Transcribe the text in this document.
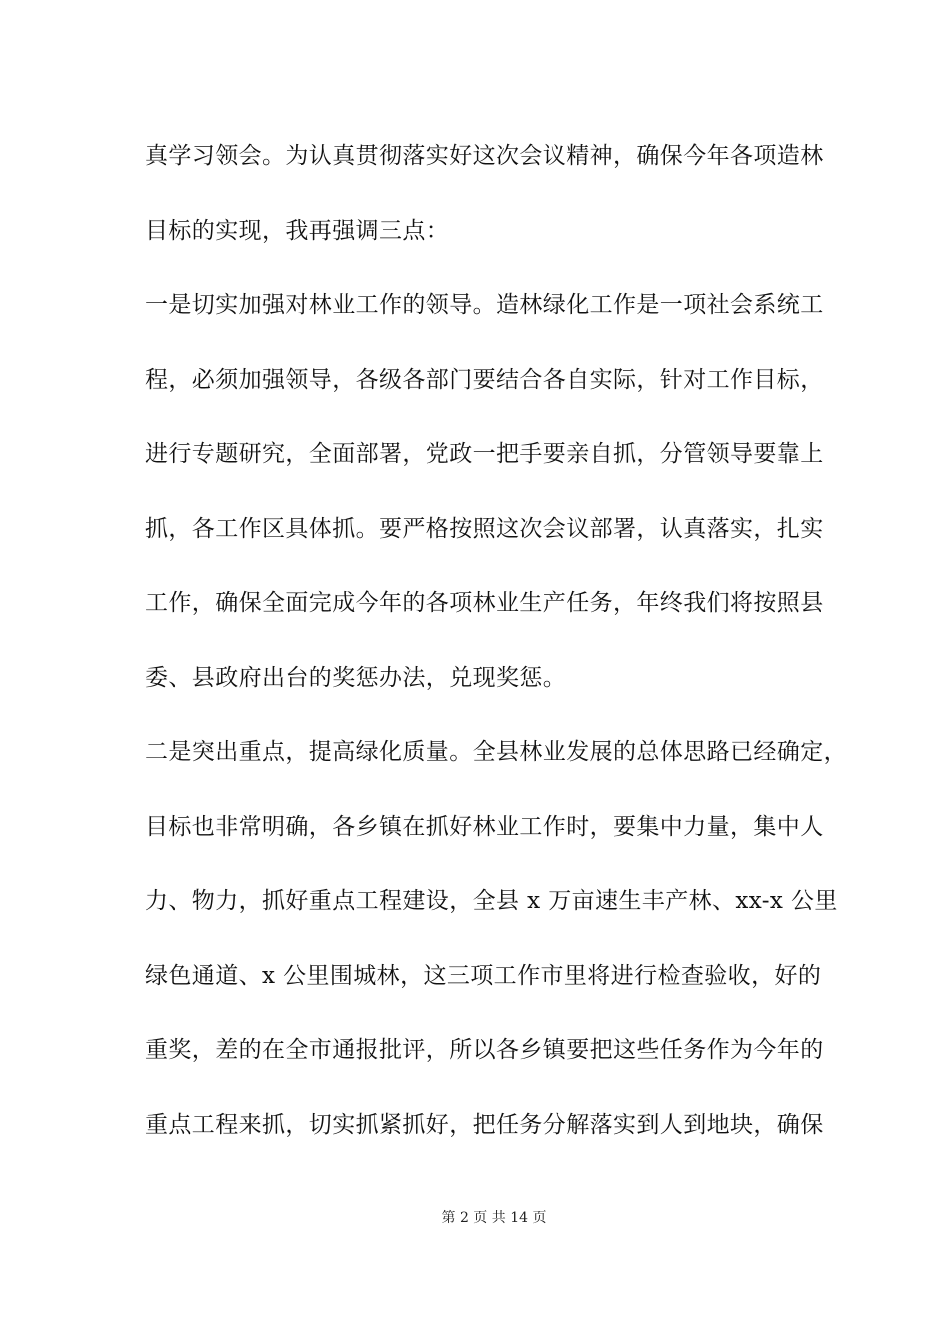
真学习领会。为认真贯彻落实好这次会议精神，确保今年各项造林
目标的实现，我再强调三点：
一是切实加强对林业工作的领导。造林绿化工作是一项社会系统工
程，必须加强领导，各级各部门要结合各自实际，针对工作目标，
进行专题研究，全面部署，党政一把手要亲自抓，分管领导要靠上
抓，各工作区具体抓。要严格按照这次会议部署，认真落实，扎实
工作，确保全面完成今年的各项林业生产任务，年终我们将按照县
委、县政府出台的奖惩办法，兑现奖惩。
二是突出重点，提高绿化质量。全县林业发展的总体思路已经确定，
目标也非常明确，各乡镇在抓好林业工作时，要集中力量，集中人
力、物力，抓好重点工程建设，全县 x 万亩速生丰产林、xx-x 公里
绿色通道、x 公里围城林，这三项工作市里将进行检查验收，好的
重奖，差的在全市通报批评，所以各乡镇要把这些任务作为今年的
重点工程来抓，切实抓紧抓好，把任务分解落实到人到地块，确保
第 2 页 共 14 页
